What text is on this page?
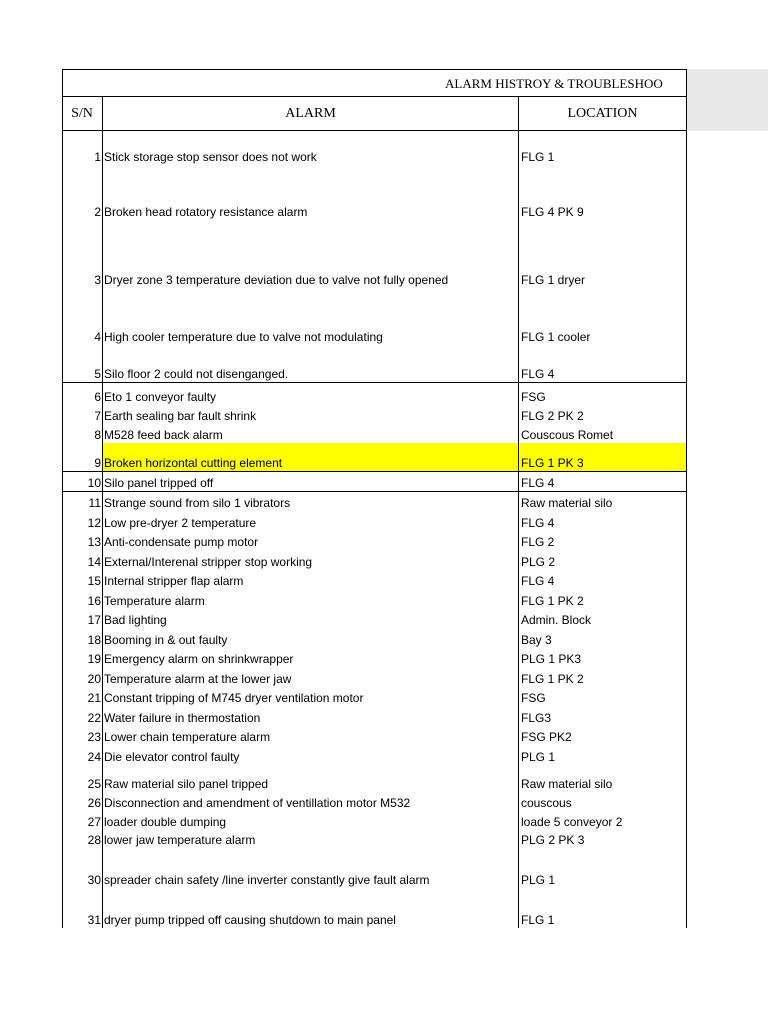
ALARM HISTROY & TROUBLESHOO		

S/N	ALARM	LOCATION
1	Stick storage stop sensor does not work	FLG 1
2	Broken head rotatory resistance alarm	FLG 4 PK 9
3	Dryer zone 3 temperature deviation due to valve not fully opened	FLG 1 dryer
4	High cooler temperature due to valve not modulating	FLG 1 cooler
5	Silo floor 2 could not disenganged.	FLG 4
6	Eto 1 conveyor faulty	FSG
7	Earth sealing bar fault shrink	FLG 2 PK 2
8	M528 feed back alarm	Couscous Romet
9	Broken horizontal cutting element	FLG 1 PK 3
10	Silo panel tripped off	FLG 4
11	Strange sound from silo 1 vibrators	Raw material silo
12	Low pre-dryer 2 temperature	FLG 4
13	Anti-condensate pump motor	FLG 2
14	External/Interenal stripper stop working	PLG 2
15	Internal stripper flap alarm	FLG 4
16	Temperature alarm	FLG 1 PK 2
17	Bad lighting	Admin. Block
18	Booming in & out faulty	Bay 3
19	Emergency alarm on shrinkwrapper	PLG 1 PK3
20	Temperature alarm at the lower jaw	FLG 1 PK 2
21	Constant tripping of M745 dryer ventilation motor	FSG
22	Water failure in thermostation	FLG3
23	Lower chain temperature alarm	FSG PK2
24	Die elevator control faulty	PLG 1
25	Raw material silo panel tripped	Raw material silo
26	Disconnection and amendment of ventillation motor M532	couscous
27	loader double dumping	loade 5 conveyor 2
28	lower jaw temperature alarm	PLG 2 PK 3
30	spreader chain safety /line inverter constantly give fault alarm	PLG 1
31	dryer pump tripped off causing shutdown to main panel	FLG 1
